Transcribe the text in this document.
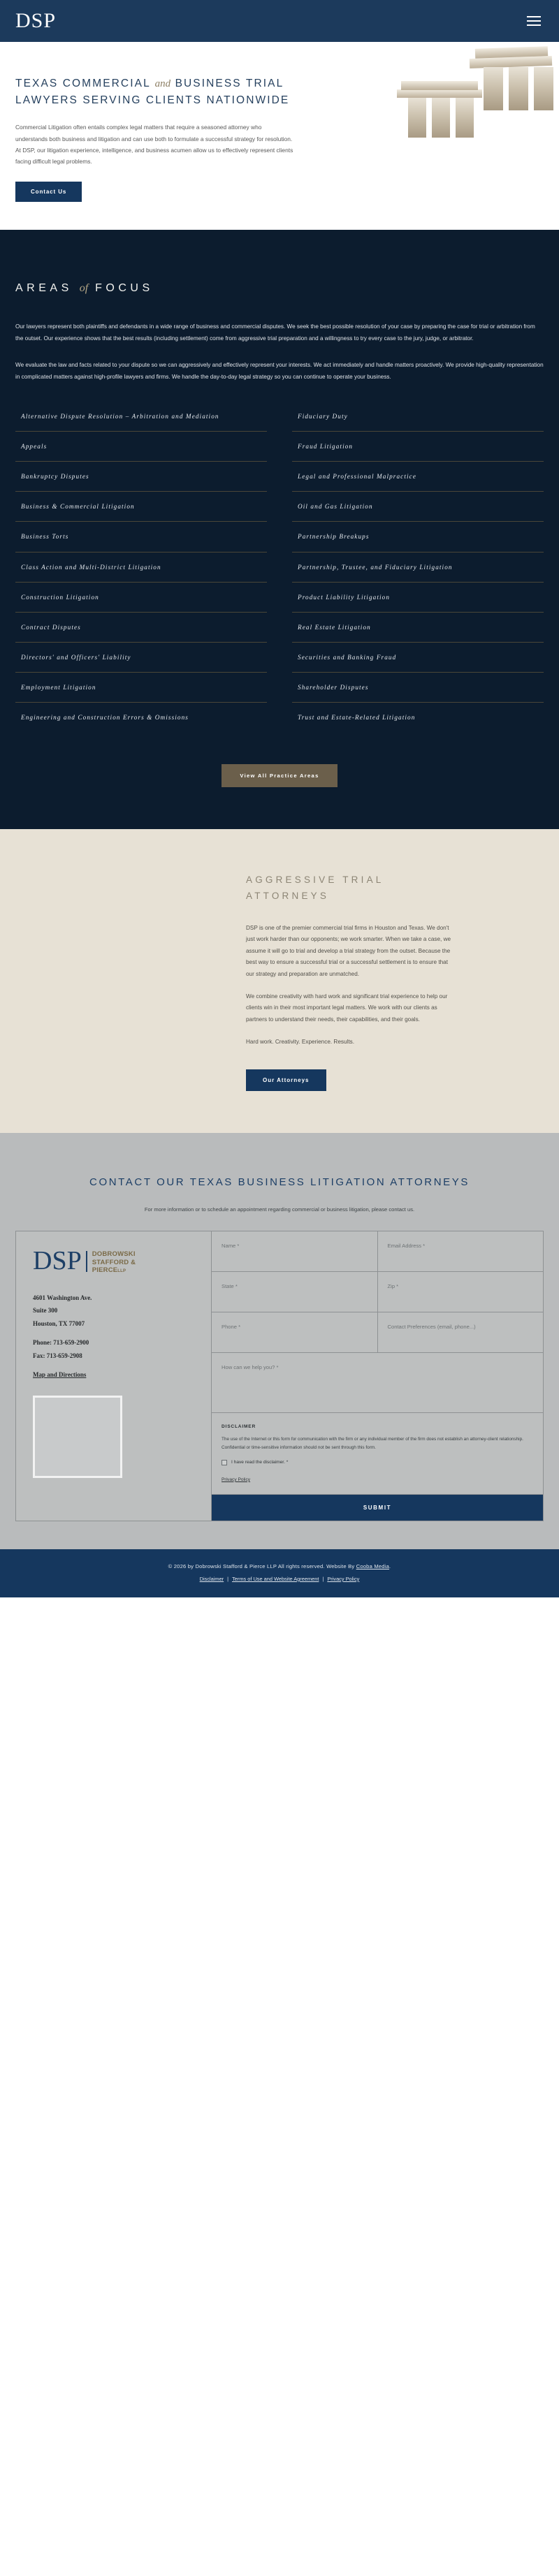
DSP
TEXAS COMMERCIAL and BUSINESS TRIAL
LAWYERS SERVING CLIENTS NATIONWIDE

Commercial Litigation often entails complex legal matters that require a seasoned attorney who understands both business and litigation and can use both to formulate a successful strategy for resolution. At DSP, our litigation experience, intelligence, and business acumen allow us to effectively represent clients facing difficult legal problems.

Contact Us
AREAS of FOCUS

Our lawyers represent both plaintiffs and defendants in a wide range of business and commercial disputes. We seek the best possible resolution of your case by preparing the case for trial or arbitration from the outset. Our experience shows that the best results (including settlement) come from aggressive trial preparation and a willingness to try every case to the jury, judge, or arbitrator.

We evaluate the law and facts related to your dispute so we can aggressively and effectively represent your interests. We act immediately and handle matters proactively. We provide high-quality representation in complicated matters against high-profile lawyers and firms. We handle the day-to-day legal strategy so you can continue to operate your business.

Alternative Dispute Resolution – Arbitration and Mediation
Appeals
Bankruptcy Disputes
Business & Commercial Litigation
Business Torts
Class Action and Multi-District Litigation
Construction Litigation
Contract Disputes
Directors' and Officers' Liability
Employment Litigation
Engineering and Construction Errors & Omissions
Fiduciary Duty
Fraud Litigation
Legal and Professional Malpractice
Oil and Gas Litigation
Partnership Breakups
Partnership, Trustee, and Fiduciary Litigation
Product Liability Litigation
Real Estate Litigation
Securities and Banking Fraud
Shareholder Disputes
Trust and Estate-Related Litigation
View All Practice Areas
AGGRESSIVE TRIAL ATTORNEYS

DSP is one of the premier commercial trial firms in Houston and Texas. We don't just work harder than our opponents; we work smarter. When we take a case, we assume it will go to trial and develop a trial strategy from the outset. Because the best way to ensure a successful trial or a successful settlement is to ensure that our strategy and preparation are unmatched.

We combine creativity with hard work and significant trial experience to help our clients win in their most important legal matters. We work with our clients as partners to understand their needs, their capabilities, and their goals.

Hard work. Creativity. Experience. Results.

Our Attorneys
CONTACT OUR TEXAS BUSINESS LITIGATION ATTORNEYS

For more information or to schedule an appointment regarding commercial or business litigation, please contact us.

DSP DOBROWSKI
STAFFORD &
PIERCELLP
4601 Washington Ave.
Suite 300
Houston, TX 77007
Phone: 713-659-2900
Fax: 713-659-2908
Map and Directions
Name *	Email Address *
State *	Zip *
Phone *	Contact Preferences (email, phone...)
How can we help you? *
DISCLAIMER
The use of the Internet or this form for communication with the firm or any individual member of the firm does not establish an attorney-client relationship. Confidential or time-sensitive information should not be sent through this form.
I have read the disclaimer. *
Privacy Policy
SUBMIT
© 2026 by Dobrowski Stafford & Pierce LLP All rights reserved. Website By Cooba Media.
Disclaimer | Terms of Use and Website Agreement | Privacy Policy
